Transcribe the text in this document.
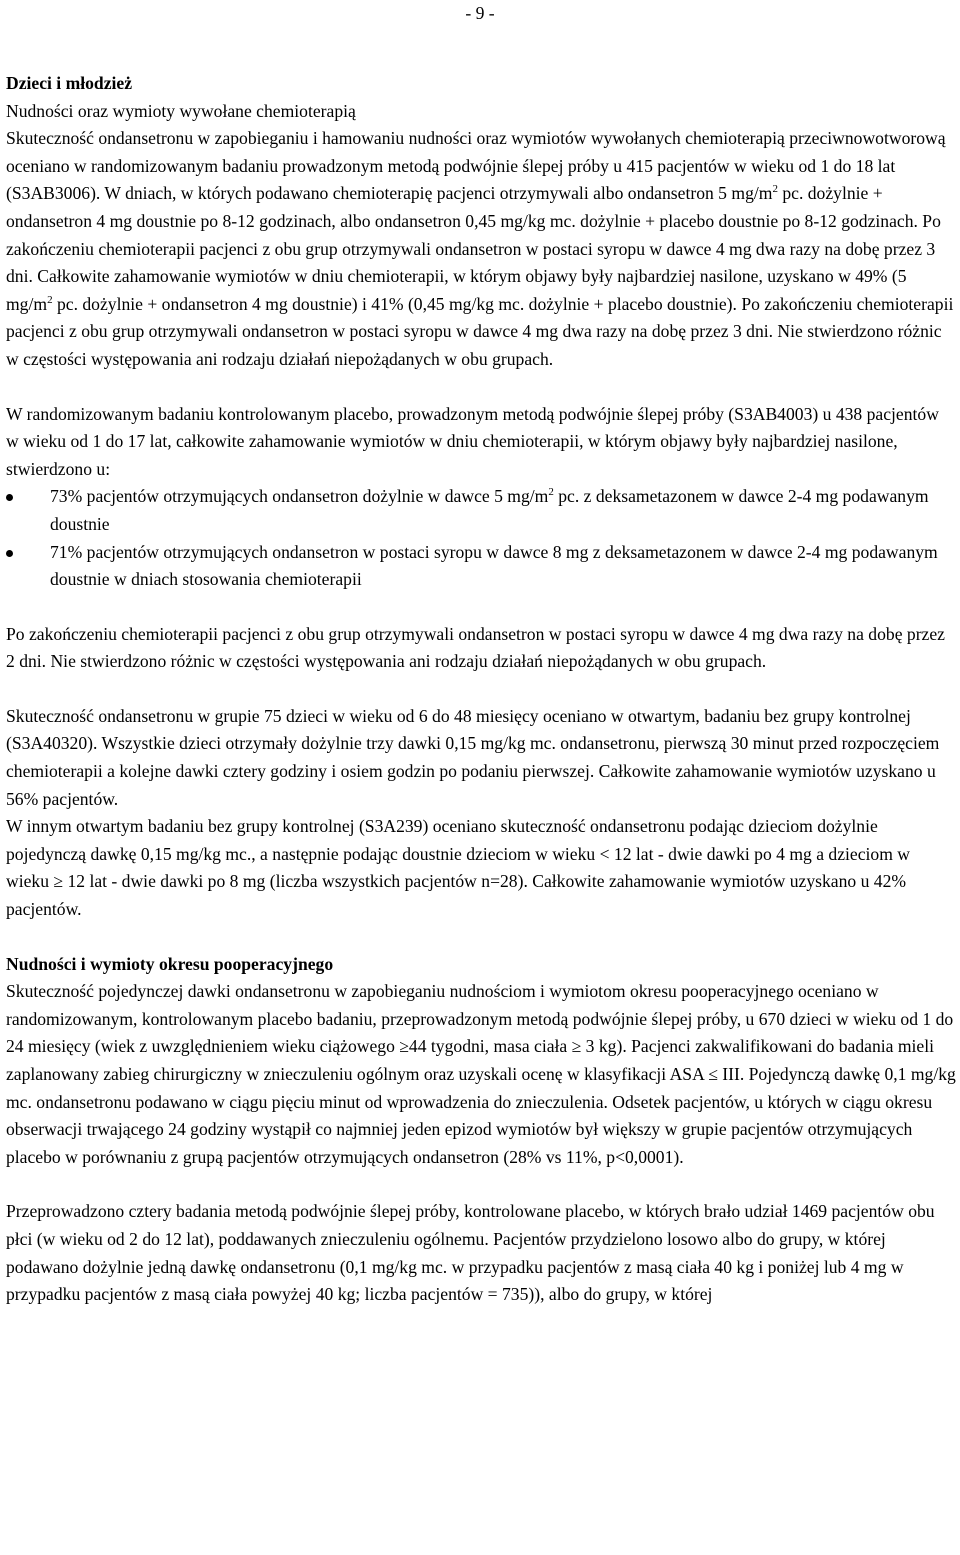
- 9 -

Dzieci i młodzież

Nudności oraz wymioty wywołane chemioterapią

Skuteczność ondansetronu w zapobieganiu i hamowaniu nudności oraz wymiotów wywołanych chemioterapią przeciwnowotworową oceniano w randomizowanym badaniu prowadzonym metodą podwójnie ślepej próby u 415 pacjentów w wieku od 1 do 18 lat (S3AB3006). W dniach, w których podawano chemioterapię pacjenci otrzymywali albo ondansetron 5 $mg/m^2$ pc. dożylnie + ondansetron 4 mg doustnie po 8-12 godzinach, albo ondansetron 0,45 mg/kg mc. dożylnie + placebo doustnie po 8-12 godzinach. Po zakończeniu chemioterapii pacjenci z obu grup otrzymywali ondansetron w postaci syropu w dawce 4 mg dwa razy na dobę przez 3 dni. Całkowite zahamowanie wymiotów w dniu chemioterapii, w którym objawy były najbardziej nasilone, uzyskano w 49% (5 $mg/m^2$ pc. dożylnie + ondansetron 4 mg doustnie) i 41% (0,45 mg/kg mc. dożylnie + placebo doustnie). Po zakończeniu chemioterapii pacjenci z obu grup otrzymywali ondansetron w postaci syropu w dawce 4 mg dwa razy na dobę przez 3 dni. Nie stwierdzono różnic w częstości występowania ani rodzaju działań niepożądanych w obu grupach.

W randomizowanym badaniu kontrolowanym placebo, prowadzonym metodą podwójnie ślepej próby (S3AB4003) u 438 pacjentów w wieku od 1 do 17 lat, całkowite zahamowanie wymiotów w dniu chemioterapii, w którym objawy były najbardziej nasilone, stwierdzono u:

73% pacjentów otrzymujących ondansetron dożylnie w dawce 5 $mg/m^2$ pc. z deksametazonem w dawce 2-4 mg podawanym doustnie
71% pacjentów otrzymujących ondansetron w postaci syropu w dawce 8 mg z deksametazonem w dawce 2-4 mg podawanym doustnie w dniach stosowania chemioterapii

Po zakończeniu chemioterapii pacjenci z obu grup otrzymywali ondansetron w postaci syropu w dawce 4 mg dwa razy na dobę przez 2 dni. Nie stwierdzono różnic w częstości występowania ani rodzaju działań niepożądanych w obu grupach.

Skuteczność ondansetronu w grupie 75 dzieci w wieku od 6 do 48 miesięcy oceniano w otwartym, badaniu bez grupy kontrolnej (S3A40320). Wszystkie dzieci otrzymały dożylnie trzy dawki 0,15 mg/kg mc. ondansetronu, pierwszą 30 minut przed rozpoczęciem chemioterapii a kolejne dawki cztery godziny i osiem godzin po podaniu pierwszej. Całkowite zahamowanie wymiotów uzyskano u 56% pacjentów.

W innym otwartym badaniu bez grupy kontrolnej (S3A239) oceniano skuteczność ondansetronu podając dzieciom dożylnie pojedynczą dawkę 0,15 mg/kg mc., a następnie podając doustnie dzieciom w wieku < 12 lat - dwie dawki po 4 mg a dzieciom w wieku ≥ 12 lat - dwie dawki po 8 mg (liczba wszystkich pacjentów n=28). Całkowite zahamowanie wymiotów uzyskano u 42% pacjentów.

Nudności i wymioty okresu pooperacyjnego

Skuteczność pojedynczej dawki ondansetronu w zapobieganiu nudnościom i wymiotom okresu pooperacyjnego oceniano w randomizowanym, kontrolowanym placebo badaniu, przeprowadzonym metodą podwójnie ślepej próby, u 670 dzieci w wieku od 1 do 24 miesięcy (wiek z uwzględnieniem wieku ciążowego ≥44 tygodni, masa ciała ≥ 3 kg). Pacjenci zakwalifikowani do badania mieli zaplanowany zabieg chirurgiczny w znieczuleniu ogólnym oraz uzyskali ocenę w klasyfikacji ASA ≤ III. Pojedynczą dawkę 0,1 mg/kg mc. ondansetronu podawano w ciągu pięciu minut od wprowadzenia do znieczulenia. Odsetek pacjentów, u których w ciągu okresu obserwacji trwającego 24 godziny wystąpił co najmniej jeden epizod wymiotów był większy w grupie pacjentów otrzymujących placebo w porównaniu z grupą pacjentów otrzymujących ondansetron (28% vs 11%, p<0,0001).

Przeprowadzono cztery badania metodą podwójnie ślepej próby, kontrolowane placebo, w których brało udział 1469 pacjentów obu płci (w wieku od 2 do 12 lat), poddawanych znieczuleniu ogólnemu. Pacjentów przydzielono losowo albo do grupy, w której podawano dożylnie jedną dawkę ondansetronu (0,1 mg/kg mc. w przypadku pacjentów z masą ciała 40 kg i poniżej lub 4 mg w przypadku pacjentów z masą ciała powyżej 40 kg; liczba pacjentów = 735)), albo do grupy, w której
